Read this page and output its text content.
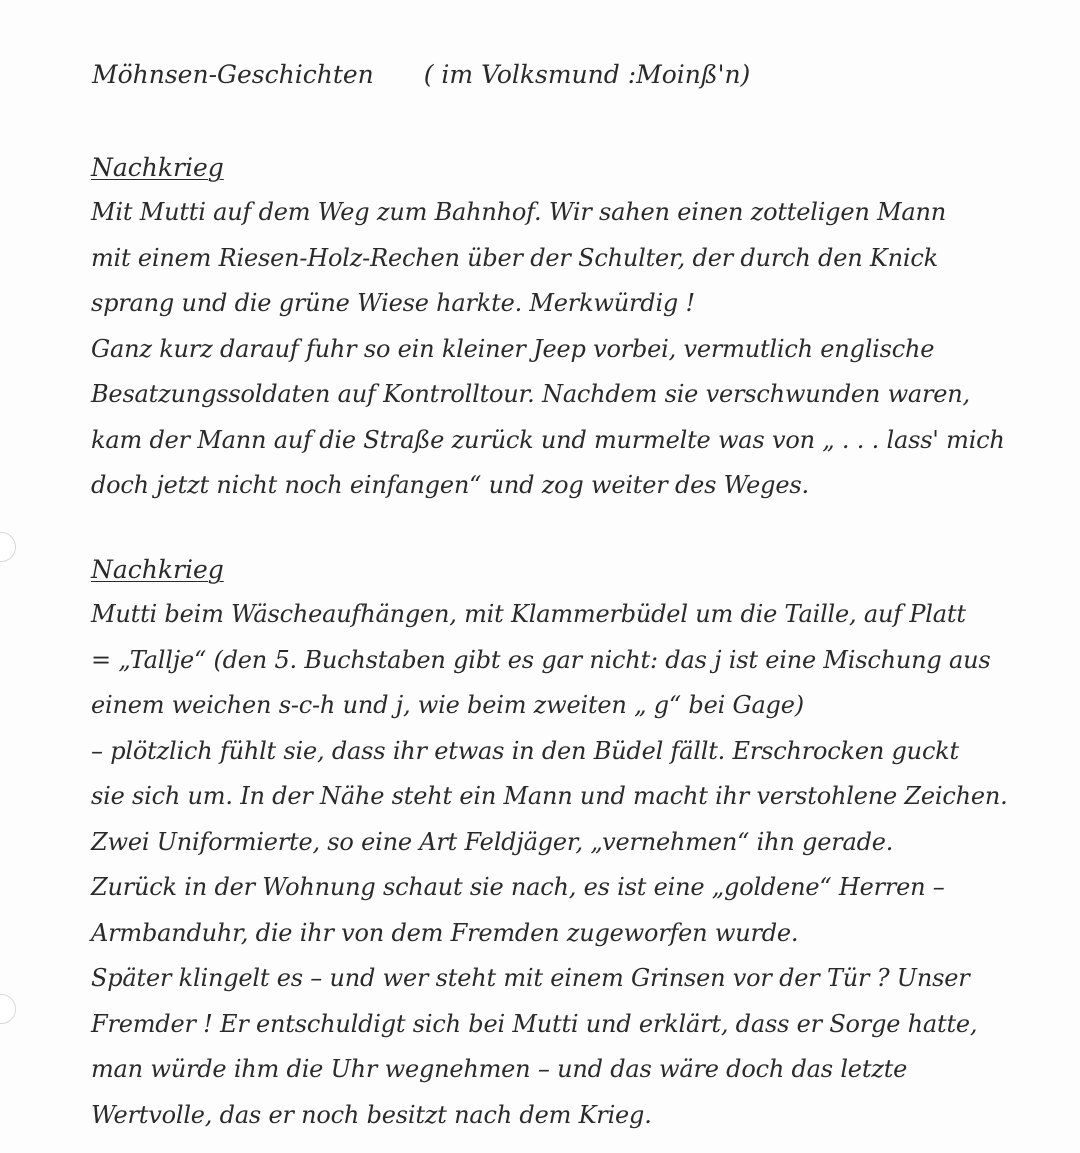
Möhnsen-Geschichten ( im Volksmund :Moinß'n)
Nachkrieg
Mit Mutti auf dem Weg zum Bahnhof. Wir sahen einen zotteligen Mann
mit einem Riesen-Holz-Rechen über der Schulter, der durch den Knick
sprang und die grüne Wiese harkte. Merkwürdig !
Ganz kurz darauf fuhr so ein kleiner Jeep vorbei, vermutlich englische
Besatzungssoldaten auf Kontrolltour. Nachdem sie verschwunden waren,
kam der Mann auf die Straße zurück und murmelte was von „ . . . lass' mich
doch jetzt nicht noch einfangen“ und zog weiter des Weges.
Nachkrieg
Mutti beim Wäscheaufhängen, mit Klammerbüdel um die Taille, auf Platt
= „Tallje“ (den 5. Buchstaben gibt es gar nicht: das j ist eine Mischung aus
einem weichen s-c-h und j, wie beim zweiten „ g“ bei Gage)
– plötzlich fühlt sie, dass ihr etwas in den Büdel fällt. Erschrocken guckt
sie sich um. In der Nähe steht ein Mann und macht ihr verstohlene Zeichen.
Zwei Uniformierte, so eine Art Feldjäger, „vernehmen“ ihn gerade.
Zurück in der Wohnung schaut sie nach, es ist eine „goldene“ Herren –
Armbanduhr, die ihr von dem Fremden zugeworfen wurde.
Später klingelt es – und wer steht mit einem Grinsen vor der Tür ? Unser
Fremder ! Er entschuldigt sich bei Mutti und erklärt, dass er Sorge hatte,
man würde ihm die Uhr wegnehmen – und das wäre doch das letzte
Wertvolle, das er noch besitzt nach dem Krieg.
